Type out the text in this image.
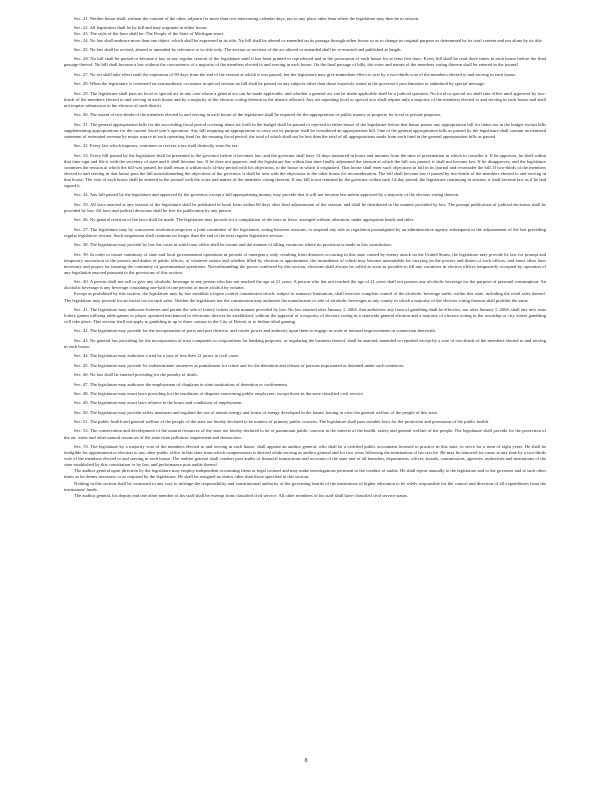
Sec. 21. Neither house shall, without the consent of the other, adjourn for more than two intervening calendar days, nor to any place other than where the legislature may then be in session.

Sec. 22. All legislation shall be by bill and may originate in either house.

Sec. 23. The style of the laws shall be: The People of the State of Michigan enact.

Sec. 24. No law shall embrace more than one object, which shall be expressed in its title. No bill shall be altered or amended on its passage through either house so as to change its original purpose as determined by its total content and not alone by its title.

Sec. 25. No law shall be revised, altered or amended by reference to its title only. The section or sections of the act altered or amended shall be re-enacted and published at length.

Sec. 26. No bill shall be passed or become a law at any regular session of the legislature until it has been printed or reproduced and in the possession of each house for at least five days. Every bill shall be read three times in each house before the final passage thereof. No bill shall become a law without the concurrence of a majority of the members elected to and serving in each house. On the final passage of bills, the votes and names of the members voting thereon shall be entered in the journal.

Sec. 27. No act shall take effect until the expiration of 90 days from the end of the session at which it was passed, but the legislature may give immediate effect to acts by a two-thirds vote of the members elected to and serving in each house.

Sec. 28. When the legislature is convened on extraordinary occasions in special session no bill shall be passed on any subjects other than those expressly stated in the governor's proclamation or submitted by special message.

Sec. 29. The legislature shall pass no local or special act in any case where a general act can be made applicable, and whether a general act can be made applicable shall be a judicial question. No local or special act shall take effect until approved by two-thirds of the members elected to and serving in each house and by a majority of the electors voting thereon in the district affected. Any act repealing local or special acts shall require only a majority of the members elected to and serving in each house and shall not require submission to the electors of such district.

Sec. 30. The assent of two-thirds of the members elected to and serving in each house of the legislature shall be required for the appropriation of public money or property for local or private purposes.

Sec. 31. The general appropriation bills for the succeeding fiscal period covering items set forth in the budget shall be passed or rejected in either house of the legislature before that house passes any appropriation bill for items not in the budget except bills supplementing appropriations for the current fiscal year's operation. Any bill requiring an appropriation to carry out its purpose shall be considered an appropriation bill. One of the general appropriation bills as passed by the legislature shall contain an itemized statement of estimated revenue by major source in each operating fund for the ensuing fiscal period, the total of which shall not be less than the total of all appropriations made from each fund in the general appropriation bills as passed.

Sec. 32. Every law which imposes, continues or revives a tax shall distinctly state the tax.

Sec. 33. Every bill passed by the legislature shall be presented to the governor before it becomes law, and the governor shall have 14 days measured in hours and minutes from the time of presentation in which to consider it. If he approves, he shall within that time sign and file it with the secretary of state and it shall become law. If he does not approve, and the legislature has within that time finally adjourned the session at which the bill was passed, it shall not become law. If he disapproves, and the legislature continues the session at which the bill was passed, he shall return it within such 14-day period with his objections, to the house in which it originated. That house shall enter such objections in full in its journal and reconsider the bill. If two-thirds of the members elected to and serving in that house pass the bill notwithstanding the objections of the governor, it shall be sent with the objections to the other house for reconsideration. The bill shall become law if passed by two-thirds of the members elected to and serving in that house. The vote of each house shall be entered in the journal with the votes and names of the members voting thereon. If any bill is not returned by the governor within such 14-day period, the legislature continuing in session, it shall become law as if he had signed it.

Sec. 34. Any bill passed by the legislature and approved by the governor, except a bill appropriating money, may provide that it will not become law unless approved by a majority of the electors voting thereon.

Sec. 35. All laws enacted at any session of the legislature shall be published in book form within 60 days after final adjournment of the session, and shall be distributed in the manner provided by law. The prompt publication of judicial decisions shall be provided by law. All laws and judicial decisions shall be free for publication by any person.

Sec. 36. No general revision of the laws shall be made. The legislature may provide for a compilation of the laws in force, arranged without alteration, under appropriate heads and titles.

Sec. 37. The legislature may by concurrent resolution empower a joint committee of the legislature, acting between sessions, to suspend any rule or regulation promulgated by an administrative agency subsequent to the adjournment of the last preceding regular legislative session. Such suspension shall continue no longer than the end of the next regular legislative session.

Sec. 38. The legislature may provide by law the cases in which any office shall be vacant and the manner of filling vacancies where no provision is made in this constitution.

Sec. 39. In order to insure continuity of state and local governmental operations in periods of emergency only, resulting from disasters occurring in this state caused by enemy attack on the United States, the legislature may provide by law for prompt and temporary succession to the powers and duties of public offices, of whatever nature and whether filled by election or appointment, the incumbents of which may become unavailable for carrying on the powers and duties of such offices; and enact other laws necessary and proper for insuring the continuity of governmental operations. Notwithstanding the power conferred by this section, elections shall always be called as soon as possible to fill any vacancies in elective offices temporarily occupied by operation of any legislation enacted pursuant to the provisions of this section.

Sec. 40. A person shall not sell or give any alcoholic beverage to any person who has not reached the age of 21 years. A person who has not reached the age of 21 years shall not possess any alcoholic beverage for the purpose of personal consumption. An alcoholic beverage is any beverage containing one-half of one percent or more alcohol by volume.

Except as prohibited by this section, the legislature may by law establish a liquor control commission which, subject to statutory limitations, shall exercise complete control of the alcoholic beverage traffic within this state, including the retail sales thereof. The legislature may provide for an excise tax on such sales. Neither the legislature nor the commission may authorize the manufacture or sale of alcoholic beverages in any county in which a majority of the electors voting thereon shall prohibit the same.

Sec. 41. The legislature may authorize lotteries and permit the sale of lottery tickets in the manner provided by law. No law enacted after January 1, 2004, that authorizes any form of gambling shall be effective, nor after January 1, 2004, shall any new state lottery games utilizing table games or player operated mechanical or electronic devices be established, without the approval of a majority of electors voting in a statewide general election and a majority of electors voting in the township or city where gambling will take place. This section shall not apply to gambling in up to three casinos in the City of Detroit or to Indian tribal gaming.

Sec. 42. The legislature may provide for the incorporation of ports and port districts, and confer power and authority upon them to engage in work of internal improvements in connection therewith.

Sec. 43. No general law providing for the incorporation of trust companies or corporations for banking purposes, or regulating the business thereof, shall be enacted, amended or repealed except by a vote of two-thirds of the members elected to and serving in each house.

Sec. 44. The legislature may authorize a trial by a jury of less than 12 jurors in civil cases.

Sec. 45. The legislature may provide for indeterminate sentences as punishment for crime and for the detention and release of persons imprisoned or detained under such sentences.

Sec. 46. No law shall be enacted providing for the penalty of death.

Sec. 47. The legislature may authorize the employment of chaplains in state institutions of detention or confinement.

Sec. 48. The legislature may enact laws providing for the resolution of disputes concerning public employees, except those in the state classified civil service.

Sec. 49. The legislature may enact laws relative to the hours and conditions of employment.

Sec. 50. The legislature may provide safety measures and regulate the use of atomic energy and forms of energy developed in the future, having in view the general welfare of the people of this state.

Sec. 51. The public health and general welfare of the people of the state are hereby declared to be matters of primary public concern. The legislature shall pass suitable laws for the protection and promotion of the public health.

Sec. 52. The conservation and development of the natural resources of the state are hereby declared to be of paramount public concern in the interest of the health, safety and general welfare of the people. The legislature shall provide for the protection of the air, water and other natural resources of the state from pollution, impairment and destruction.

Sec. 53. The legislature by a majority vote of the members elected to and serving in each house, shall appoint an auditor general, who shall be a certified public accountant licensed to practice in this state, to serve for a term of eight years. He shall be ineligible for appointment or election to any other public office in this state from which compensation is derived while serving as auditor general and for two years following the termination of his service. He may be removed for cause at any time by a two-thirds vote of the members elected to and serving in each house. The auditor general shall conduct post audits of financial transactions and accounts of the state and of all branches, departments, offices, boards, commissions, agencies, authorities and institutions of the state established by this constitution or by law, and performance post audits thereof.

The auditor general upon direction by the legislature may employ independent accounting firms or legal counsel and may make investigations pertinent to the conduct of audits. He shall report annually to the legislature and to the governor and at such other times as he deems necessary or as required by the legislature. He shall be assigned no duties other than those specified in this section.

Nothing in this section shall be construed in any way to infringe the responsibility and constitutional authority of the governing boards of the institutions of higher education to be solely responsible for the control and direction of all expenditures from the institutions' funds.

The auditor general, his deputy and one other member of his staff shall be exempt from classified civil service. All other members of his staff shall have classified civil service status.

8
